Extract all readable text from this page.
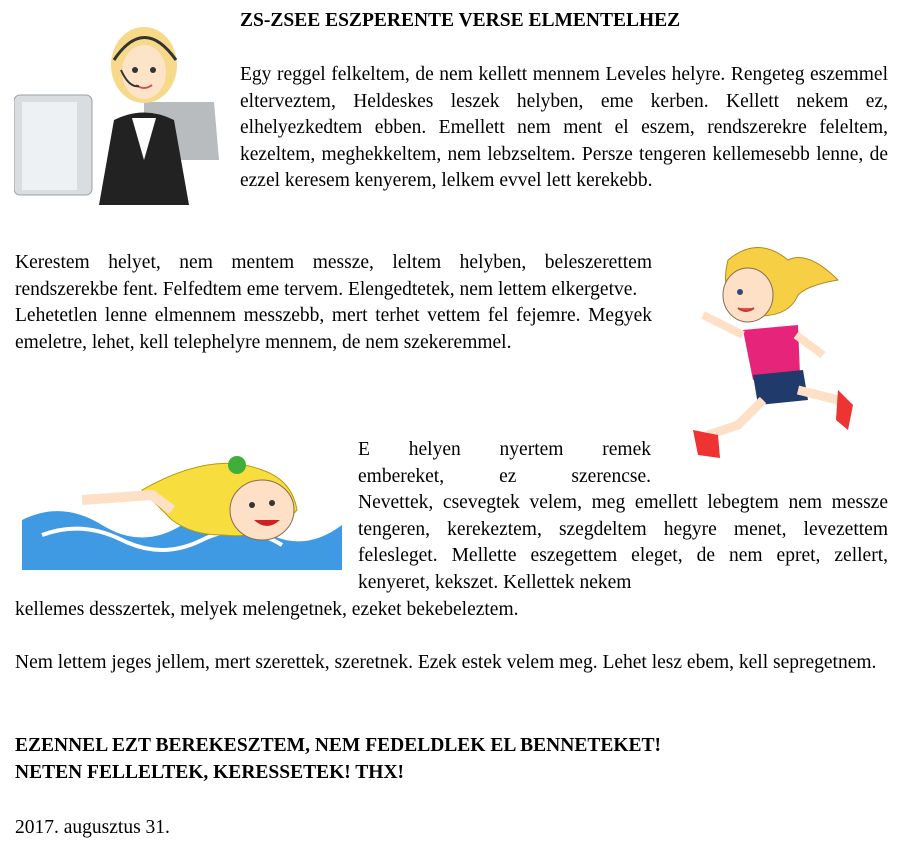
ZS-ZSEE ESZPERENTE VERSE ELMENTELHEZ
Egy reggel felkeltem, de nem kellett mennem Leveles helyre. Rengeteg eszemmel elterveztem, Heldeskes leszek helyben, eme kerben. Kellett nekem ez, elhelyezkedtem ebben. Emellett nem ment el eszem, rendszerekre feleltem, kezeltem, meghekkeltem, nem lebzseltem. Persze tengeren kellemesebb lenne, de ezzel keresem kenyerem, lelkem evvel lett kerekebb.
Kerestem helyet, nem mentem messze, leltem helyben, beleszerettem rendszerekbe fent. Felfedtem eme tervem. Elengedtetek, nem lettem elkergetve.
Lehetetlen lenne elmennem messzebb, mert terhet vettem fel fejemre. Megyek emeletre, lehet, kell telephelyre mennem, de nem szekeremmel.
E helyen nyertem remek
embereket, ez szerencse.
Nevettek, csevegtek velem, meg emellett lebegtem nem messze tengeren, kerekeztem, szegdeltem hegyre menet, levezettem felesleget. Mellette eszegettem eleget, de nem epret, zellert, kenyeret, kekszet. Kellettek nekem
kellemes desszertek, melyek melengetnek, ezeket bekebeleztem.
Nem lettem jeges jellem, mert szerettek, szeretnek. Ezek estek velem meg. Lehet lesz ebem, kell sepregetnem.
EZENNEL EZT BEREKESZTEM, NEM FEDELDLEK EL BENNETEKET!
NETEN FELLELTEK, KERESSETEK! THX!
2017. augusztus 31.
